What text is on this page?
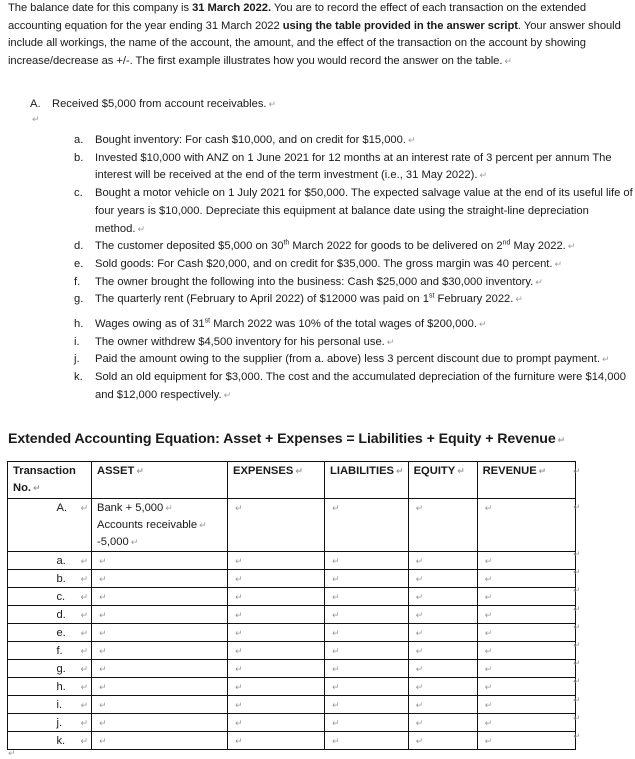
The balance date for this company is 31 March 2022. You are to record the effect of each transaction on the extended accounting equation for the year ending 31 March 2022 using the table provided in the answer script. Your answer should include all workings, the name of the account, the amount, and the effect of the transaction on the account by showing increase/decrease as +/-. The first example illustrates how you would record the answer on the table. ↵
A. Received $5,000 from account receivables. ↵
↵
a. Bought inventory: For cash $10,000, and on credit for $15,000. ↵
b. Invested $10,000 with ANZ on 1 June 2021 for 12 months at an interest rate of 3 percent per annum The interest will be received at the end of the term investment (i.e., 31 May 2022). ↵
c. Bought a motor vehicle on 1 July 2021 for $50,000. The expected salvage value at the end of its useful life of four years is $10,000. Depreciate this equipment at balance date using the straight-line depreciation method. ↵
d. The customer deposited $5,000 on 30th March 2022 for goods to be delivered on 2nd May 2022. ↵
e. Sold goods: For Cash $20,000, and on credit for $35,000. The gross margin was 40 percent. ↵
f. The owner brought the following into the business: Cash $25,000 and $30,000 inventory. ↵
g. The quarterly rent (February to April 2022) of $12000 was paid on 1st February 2022. ↵
h. Wages owing as of 31st March 2022 was 10% of the total wages of $200,000. ↵
i. The owner withdrew $4,500 inventory for his personal use. ↵
j. Paid the amount owing to the supplier (from a. above) less 3 percent discount due to prompt payment. ↵
k. Sold an old equipment for $3,000. The cost and the accumulated depreciation of the furniture were $14,000 and $12,000 respectively. ↵
Extended Accounting Equation: Asset + Expenses = Liabilities + Equity + Revenue ↵
Transaction No. ↵	ASSET ↵	EXPENSES ↵	LIABILITIES ↵	EQUITY ↵	REVENUE ↵
A. ↵	Bank + 5,000 ↵
Accounts receivable ↵
-5,000 ↵	↵	↵	↵	↵
a. ↵	↵	↵	↵	↵	↵
b. ↵	↵	↵	↵	↵	↵
c. ↵	↵	↵	↵	↵	↵
d. ↵	↵	↵	↵	↵	↵
e. ↵	↵	↵	↵	↵	↵
f. ↵	↵	↵	↵	↵	↵
g. ↵	↵	↵	↵	↵	↵
h. ↵	↵	↵	↵	↵	↵
i. ↵	↵	↵	↵	↵	↵
j. ↵	↵	↵	↵	↵	↵
k. ↵	↵	↵	↵	↵	↵
↵
↵
↵
↵
↵
↵
↵
↵
↵
↵
↵
↵
↵
↵
